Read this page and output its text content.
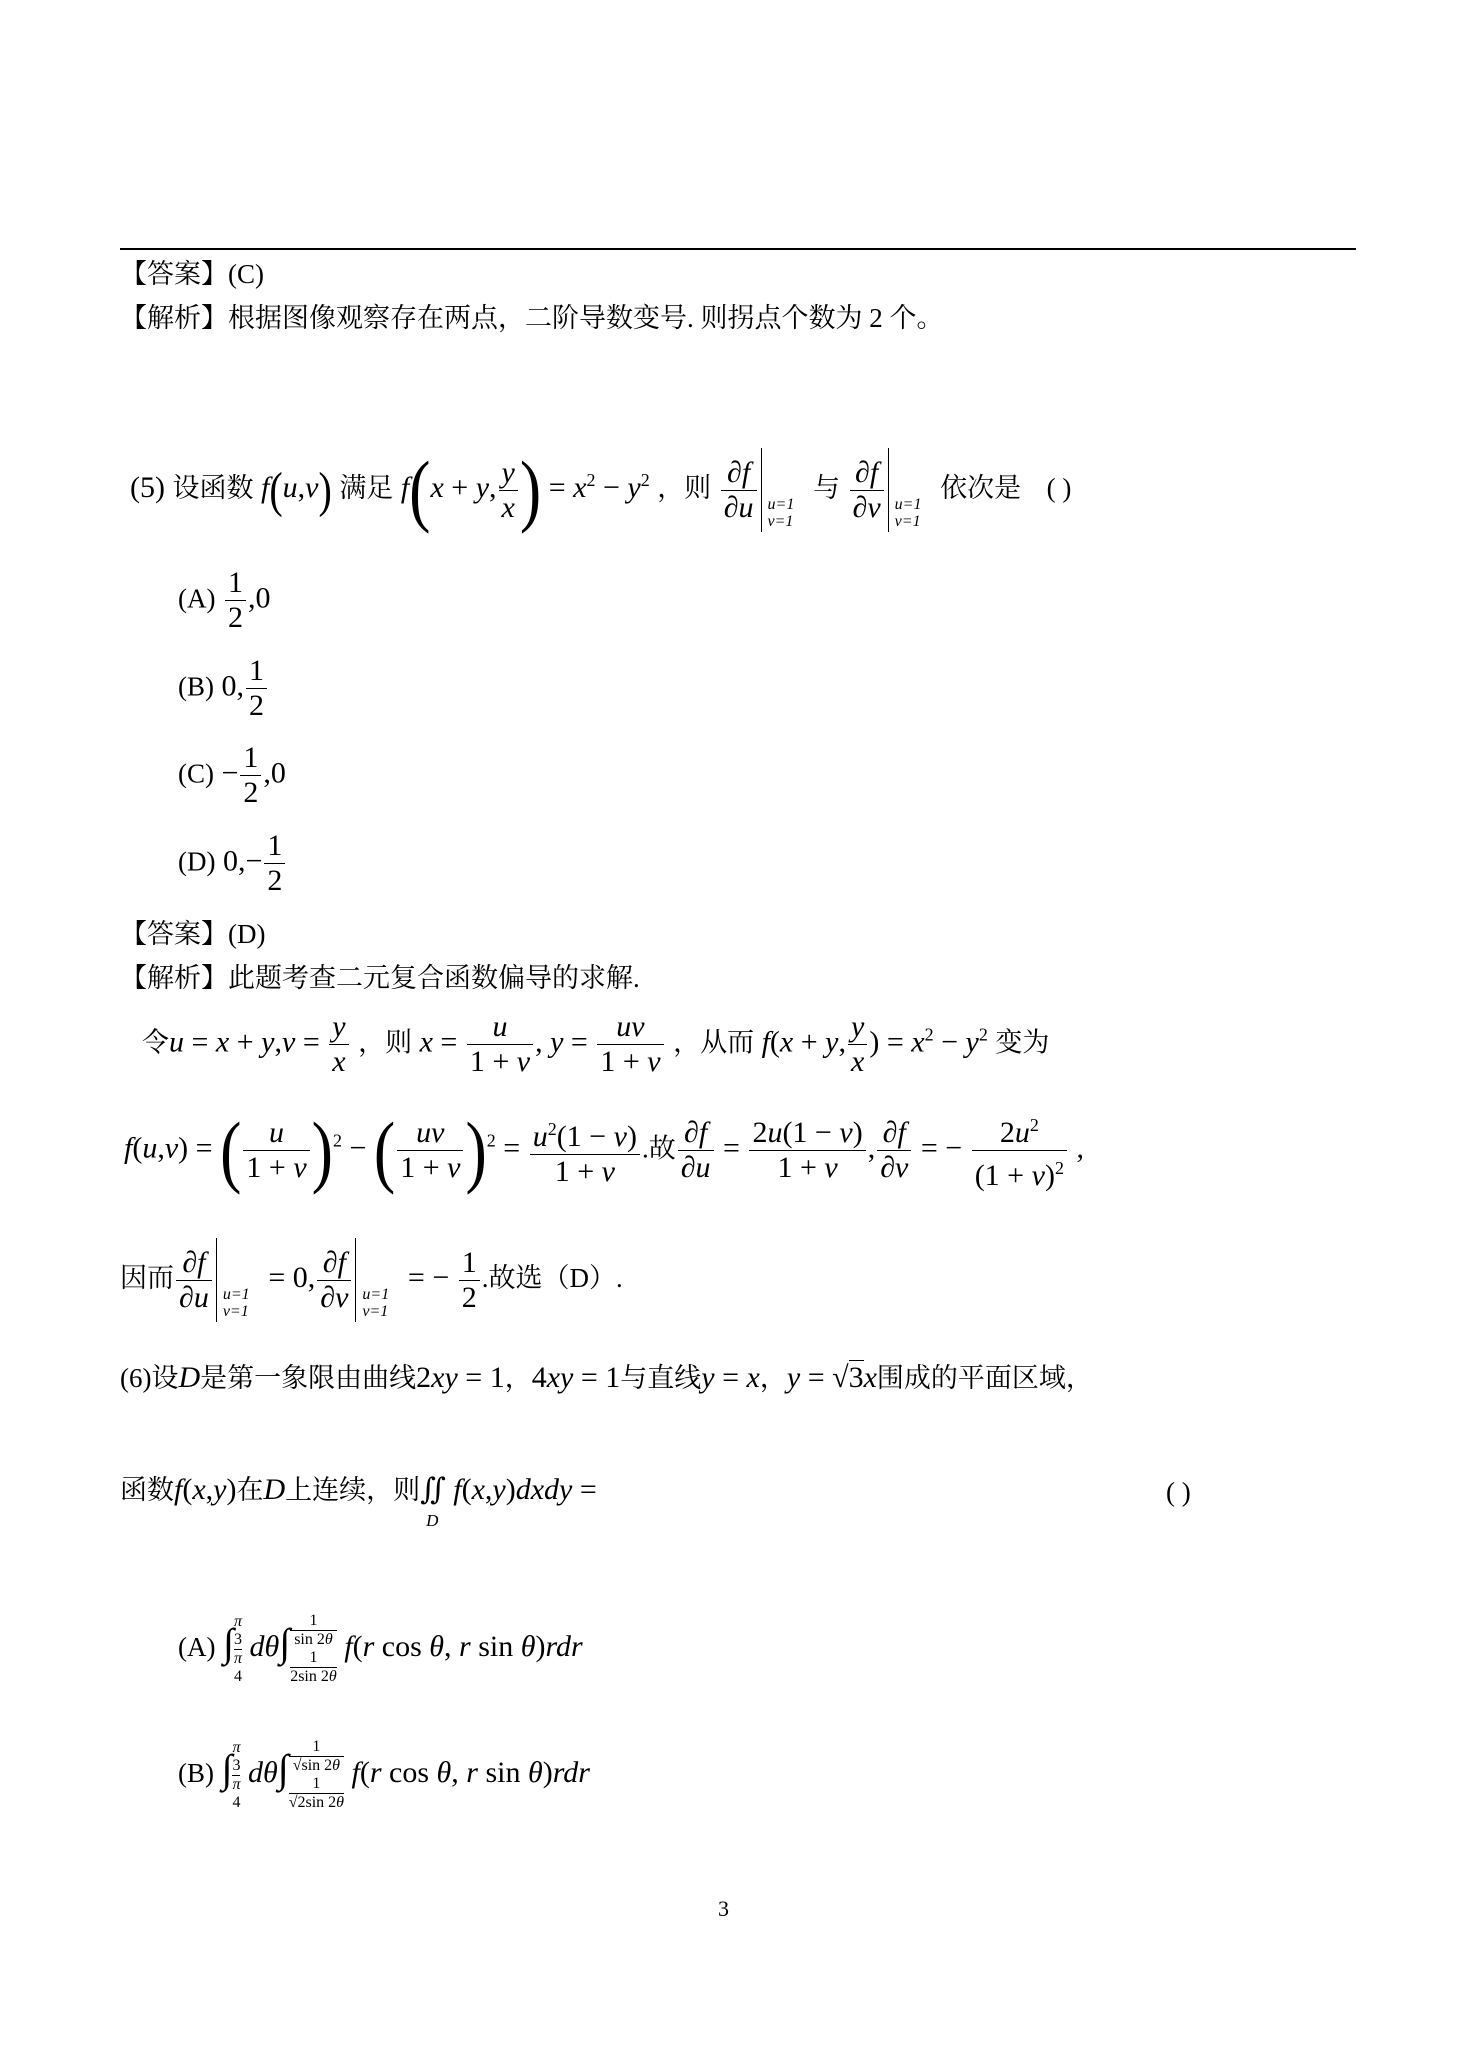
【答案】(C)
【解析】根据图像观察存在两点，二阶导数变号. 则拐点个数为 2 个。
(5) 设函数 f(u,v) 满足 f(x + y, $\frac{y}{x}$ ) = $x^2 - y^2$ ，则 $\frac{\partial f}{\partial u} u=1$
v=1
与 $\frac{\partial f}{\partial v} u=1$
v=1
依次是 ( )
$(A) \frac{1}{2} ,0$
(B) 0, $\frac{1}{2}$
$(C) - \frac{1}{2} ,0$
(D) $0,- \frac{1}{2}$
【答案】(D)
【解析】此题考查二元复合函数偏导的求解.
令$u = x + y,v = \frac{y}{x}$ ，则 $x = \frac{u}{1 + v}$ , $y = \frac{uv}{1 + v}$ ，从而 f(x + y, $\frac{y}{x}$ ) = $x^2 - y^2$ 变为
f(u,v) = ( $\frac{u}{1 + v} )^2$ − ( $\frac{uv}{1 + v} )^2 = \frac{u^2(1 - v)}{1 + v}$ .故 $\frac{\partial f}{\partial u} = \frac{2u(1 - v)}{1 + v}$ , $\frac{\partial f}{\partial v}$ = − $\frac{2u^2}{(1 + v)^2}$ ,
因而 $\frac{\partial f}{\partial u} u=1$
v=1
= 0, $\frac{\partial f}{\partial v} u=1$
v=1
= − $\frac{1}{2}$ .故选（D）.
(6)设D是第一象限由曲线2xy = 1，4xy = 1与直线y = x，y = √3x围成的平面区域，
函数f(x,y)在D上连续，则∬
D
f(x,y)dxdy =	( )
(A) ∫ π
3
π
4
dθ∫	1
sin 2θ
1
2sin 2θ
f(r cos θ, r sin θ)rdr
(B) ∫ π
3
π
4
dθ∫	1
√sin 2θ
1
√2sin 2θ
f(r cos θ, r sin θ)rdr
3
